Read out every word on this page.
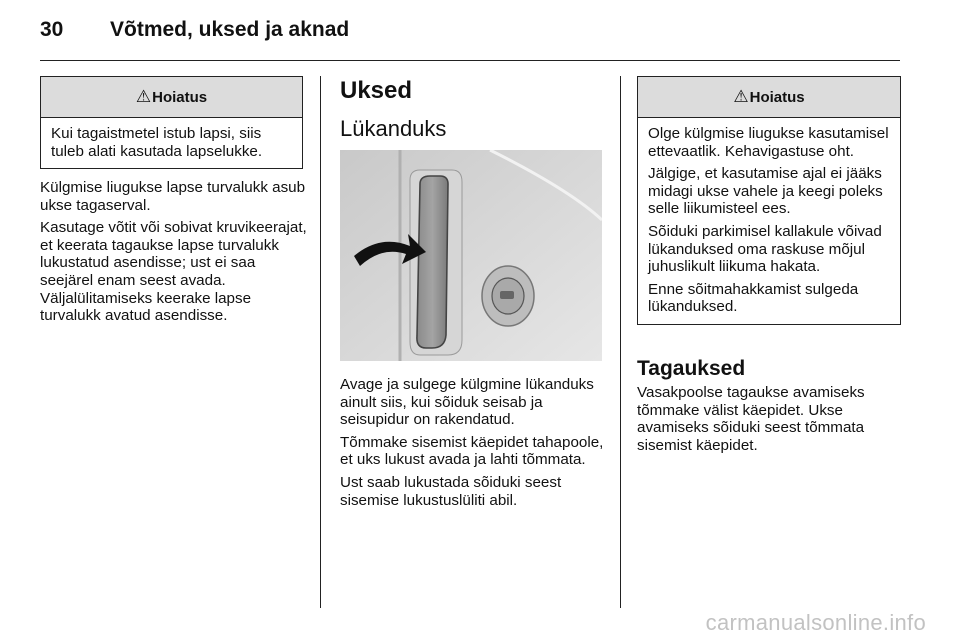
30 Võtmed, uksed ja aknad
⚠ Hoiatus

Kui tagaistmetel istub lapsi, siis tuleb alati kasutada lapselukke.

Külgmise liugukse lapse turvalukk asub ukse tagaserval.

Kasutage võtit või sobivat kruvikeerajat, et keerata tagaukse lapse turvalukk lukustatud asendisse; ust ei saa seejärel enam seest avada. Väljalülitamiseks keerake lapse turvalukk avatud asendisse.

Uksed
Lükanduks

Avage ja sulgege külgmine lükanduks ainult siis, kui sõiduk seisab ja seisupidur on rakendatud.

Tõmmake sisemist käepidet tahapoole, et uks lukust avada ja lahti tõmmata.

Ust saab lukustada sõiduki seest sisemise lukustuslüliti abil.

⚠ Hoiatus

Olge külgmise liugukse kasutamisel ettevaatlik. Kehavigastuse oht.

Jälgige, et kasutamise ajal ei jääks midagi ukse vahele ja keegi poleks selle liikumisteel ees.

Sõiduki parkimisel kallakule võivad lükanduksed oma raskuse mõjul juhuslikult liikuma hakata.

Enne sõitmahakkamist sulgeda lükanduksed.

Tagauksed

Vasakpoolse tagaukse avamiseks tõmmake välist käepidet. Ukse avamiseks sõiduki seest tõmmata sisemist käepidet.

carmanualsonline.info
